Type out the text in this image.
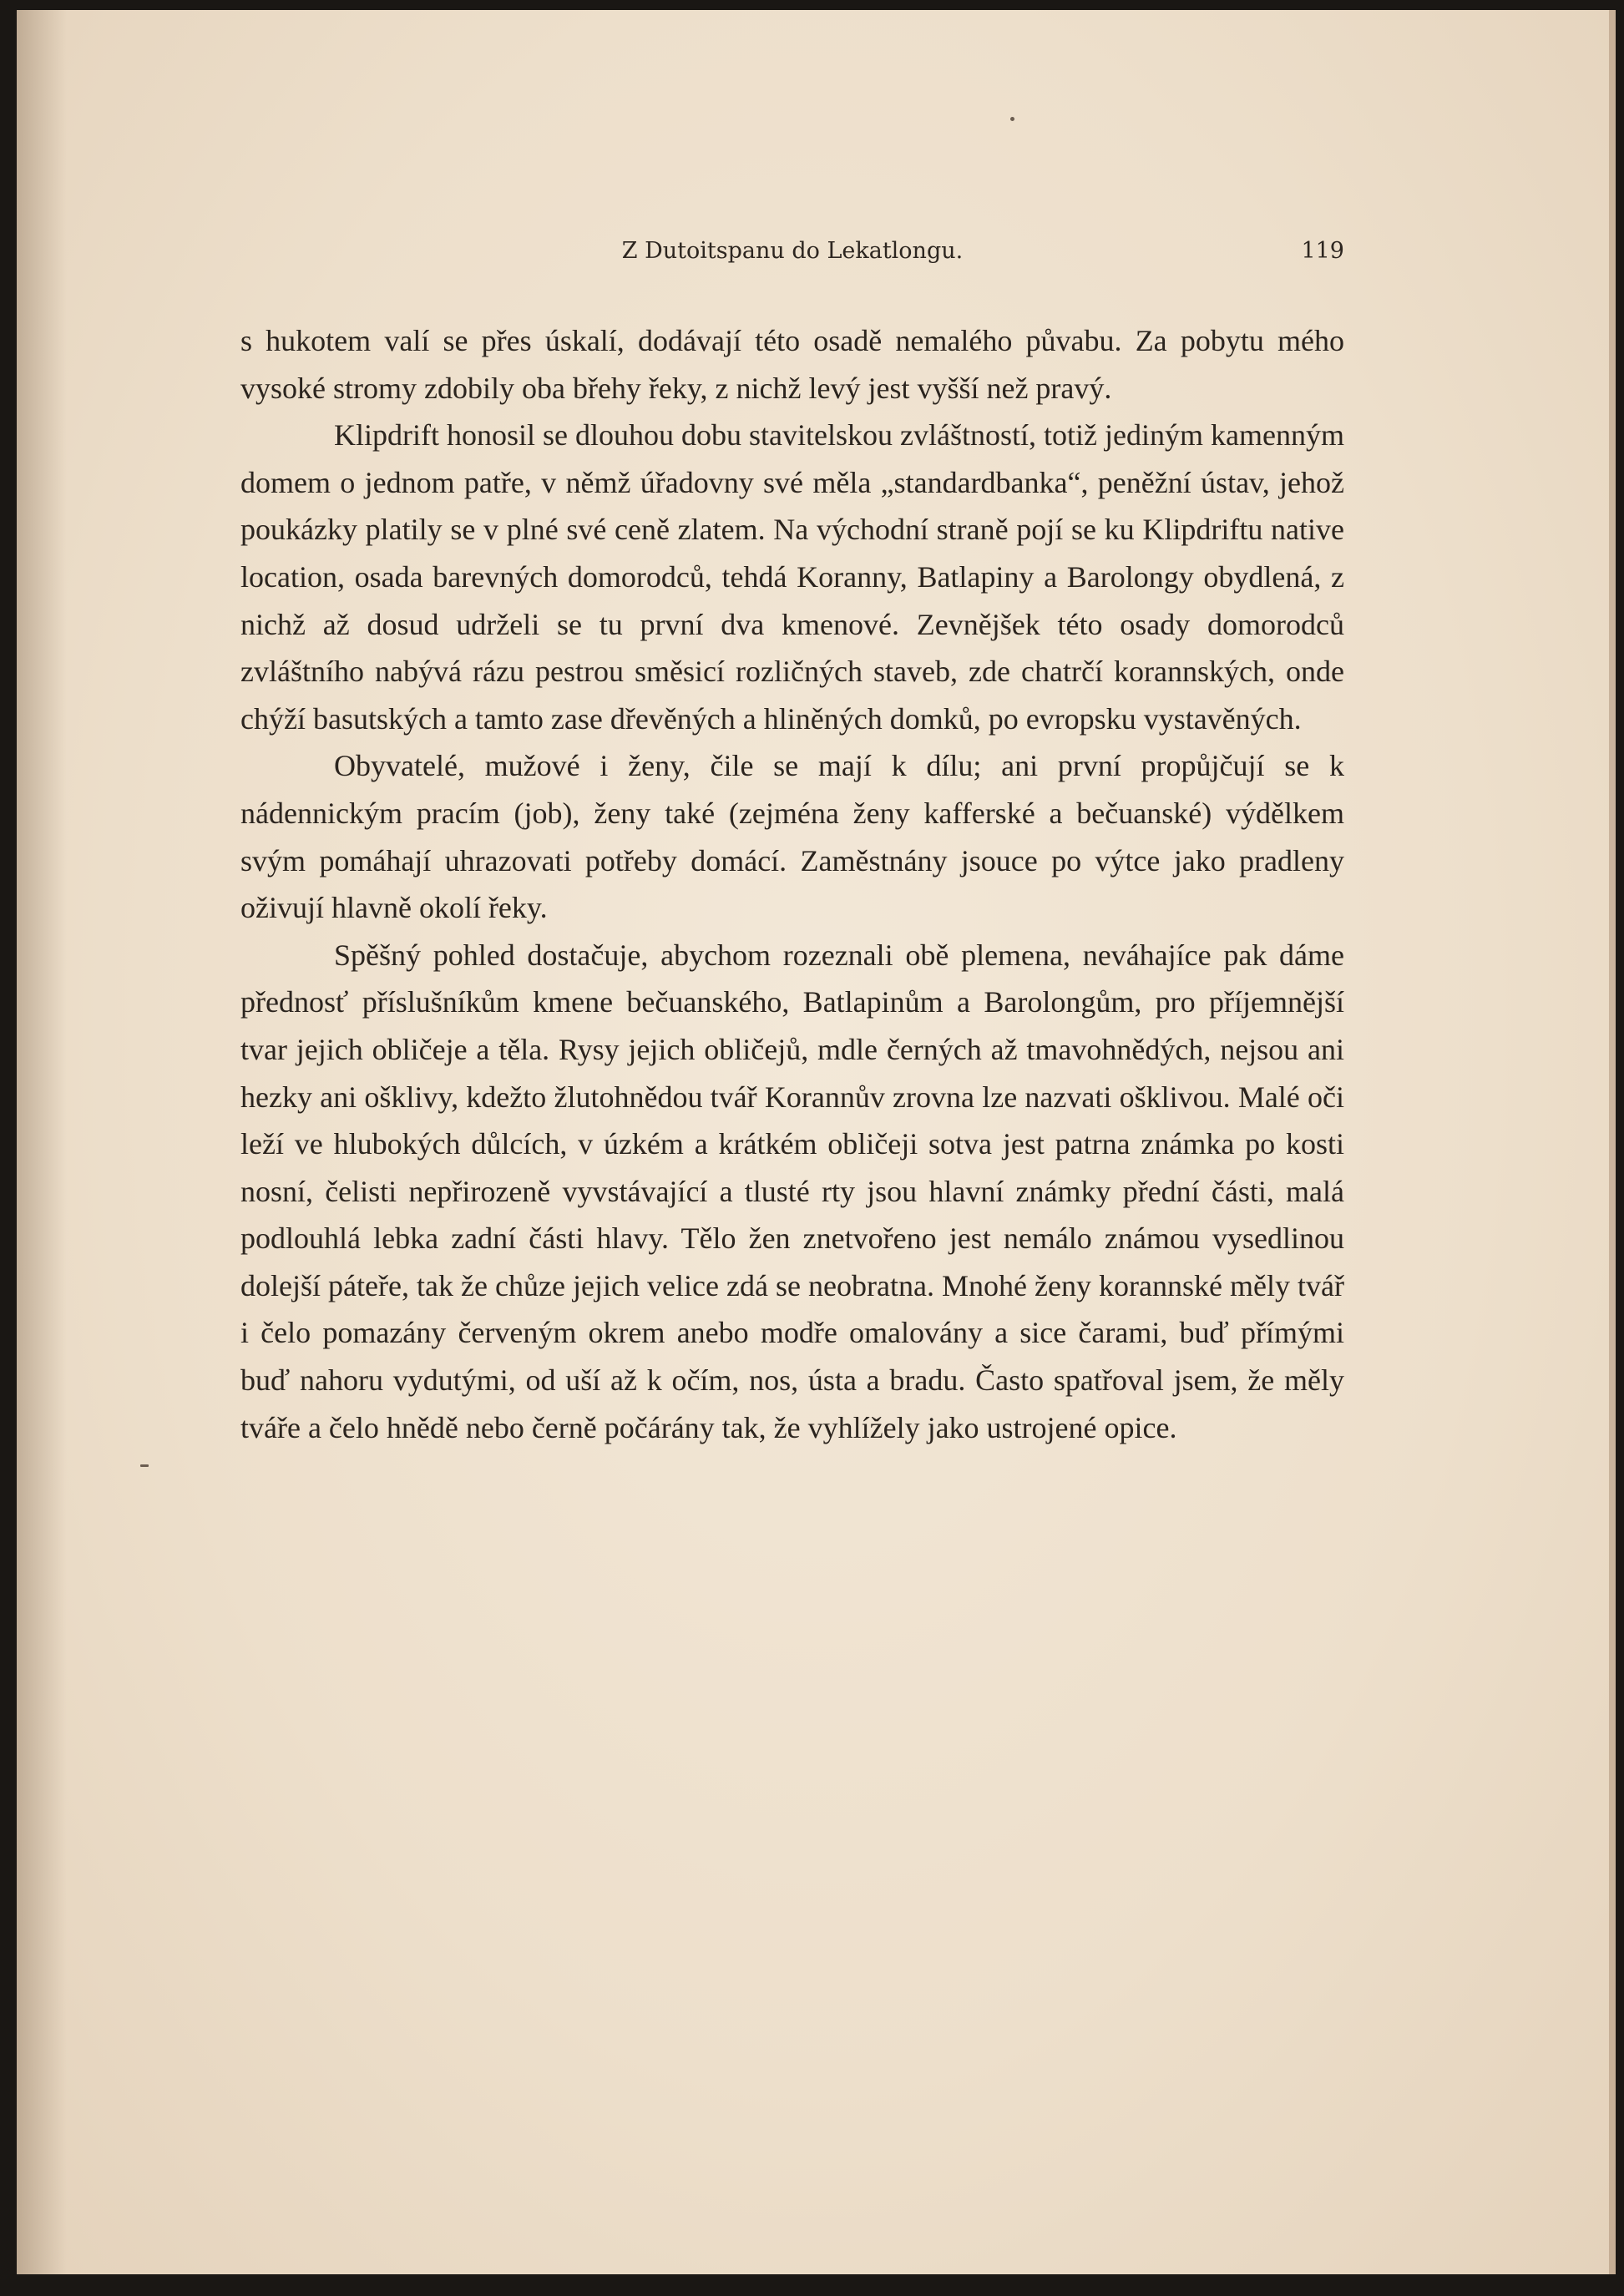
Z Dutoitspanu do Lekatlongu.	119

s hukotem valí se přes úskalí, dodávají této osadě nemalého půvabu. Za pobytu mého vysoké stromy zdobily oba břehy řeky, z nichž levý jest vyšší než pravý.

Klipdrift honosil se dlouhou dobu stavitelskou zvláštností, totiž jediným kamenným domem o jednom patře, v němž úřadovny své měla „standardbanka“, peněžní ústav, jehož poukázky platily se v plné své ceně zlatem. Na východní straně pojí se ku Klipdriftu native location, osada barevných domorodců, tehdá Koranny, Batlapiny a Barolongy obydlená, z nichž až dosud udrželi se tu první dva kmenové. Zevnějšek této osady domorodců zvláštního nabývá rázu pestrou směsicí rozličných staveb, zde chatrčí korannských, onde chýží basutských a tamto zase dřevěných a hliněných domků, po evropsku vystavěných.

Obyvatelé, mužové i ženy, čile se mají k dílu; ani první propůjčují se k nádennickým pracím (job), ženy také (zejména ženy kafferské a bečuanské) výdělkem svým pomáhají uhrazovati potřeby domácí. Zaměstnány jsouce po výtce jako pradleny oživují hlavně okolí řeky.

Spěšný pohled dostačuje, abychom rozeznali obě plemena, neváhajíce pak dáme přednosť příslušníkům kmene bečuanského, Batlapinům a Barolongům, pro příjemnější tvar jejich obličeje a těla. Rysy jejich obličejů, mdle černých až tmavohnědých, nejsou ani hezky ani ošklivy, kdežto žlutohnědou tvář Korannův zrovna lze nazvati ošklivou. Malé oči leží ve hlubokých důlcích, v úzkém a krátkém obličeji sotva jest patrna známka po kosti nosní, čelisti nepřirozeně vyvstávající a tlusté rty jsou hlavní známky přední části, malá podlouhlá lebka zadní části hlavy. Tělo žen znetvořeno jest nemálo známou vysedlinou dolejší páteře, tak že chůze jejich velice zdá se neobratna. Mnohé ženy korannské měly tvář i čelo pomazány červeným okrem anebo modře omalovány a sice čarami, buď přímými buď nahoru vydutými, od uší až k očím, nos, ústa a bradu. Často spatřoval jsem, že měly tváře a čelo hnědě nebo černě počárány tak, že vyhlížely jako ustrojené opice.
